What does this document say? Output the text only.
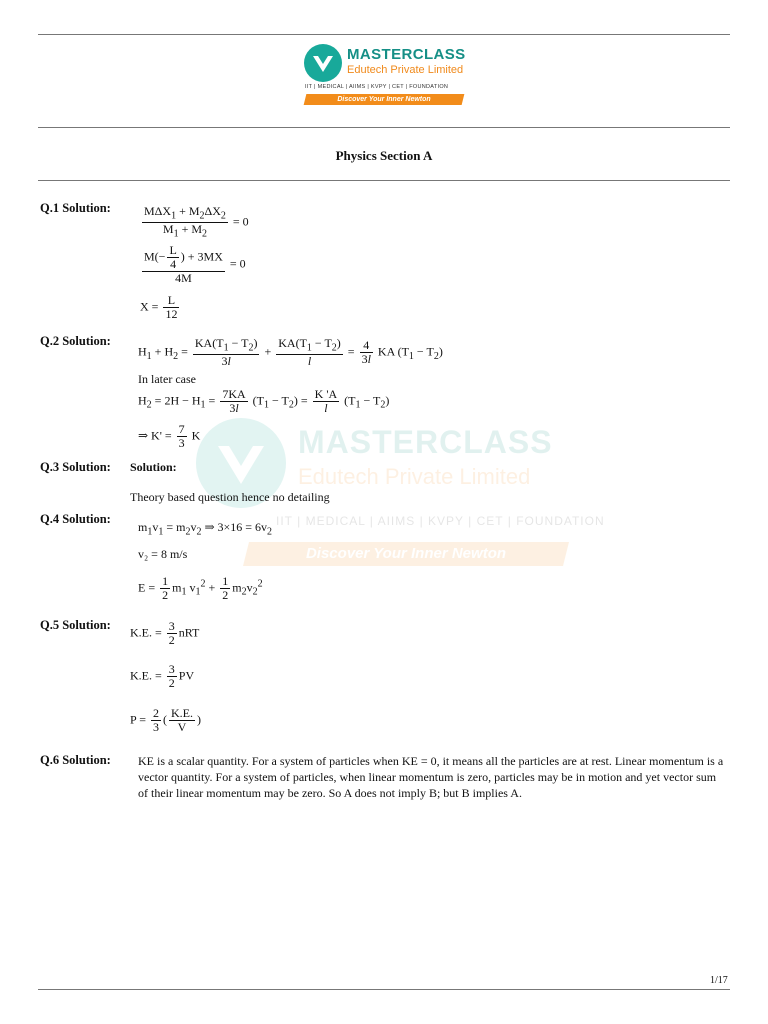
MASTERCLASS
Edutech Private Limited
IIT | MEDICAL | AIIMS | KVPY | CET | FOUNDATION
Discover Your Inner Newton
Physics Section A
MASTERCLASS
Edutech Private Limited
IIT | MEDICAL | AIIMS | KVPY | CET | FOUNDATION
Discover Your Inner Newton
Q.1 Solution:	$\frac{M\Delta X_1 + M_2\Delta X_2}{M_1 + M_2} = 0$
$\frac{M(- \frac{L}{4} ) + 3MX}{4M} = 0$
$X = \frac{L}{12}$
Q.2 Solution:
$H_1 + H_2 = \frac{KA(T_1 - T_2)}{3l} + \frac{KA(T_1 - T_2)}{l} = \frac{4}{3l}$ KA $(T_1 - T_2)$
In later case
$H_2 = 2H - H_1 = \frac{7KA}{3l} (T_1 - T_2) = \frac{K 'A}{l} (T_1 - T_2)$
⇒ $K' = \frac{7}{3}$ K
Q.3 Solution: Solution:
Theory based question hence no detailing
Q.4 Solution:
$m_1v_1 = m_2v_2$ ⇒ $3\times 16 = 6v_2$
v₂ = 8 m/s
$E = \frac{1}{2} m_1$ $v_1^2 + \frac{1}{2} m_2v_2^2$
Q.5 Solution:
K.E. = $\frac{3}{2}$ nRT
K.E. = $\frac{3}{2}$ PV
$P = \frac{2}{3}$ ( $\frac{K.E.}{V}$ )
Q.6 Solution: KE is a scalar quantity. For a system of particles when KE = 0, it means all the particles are at rest. Linear momentum is a vector quantity. For a system of particles, when linear momentum is zero, particles may be in motion and yet vector sum of their linear momentum may be zero. So A does not imply B; but B implies A.
1/17
